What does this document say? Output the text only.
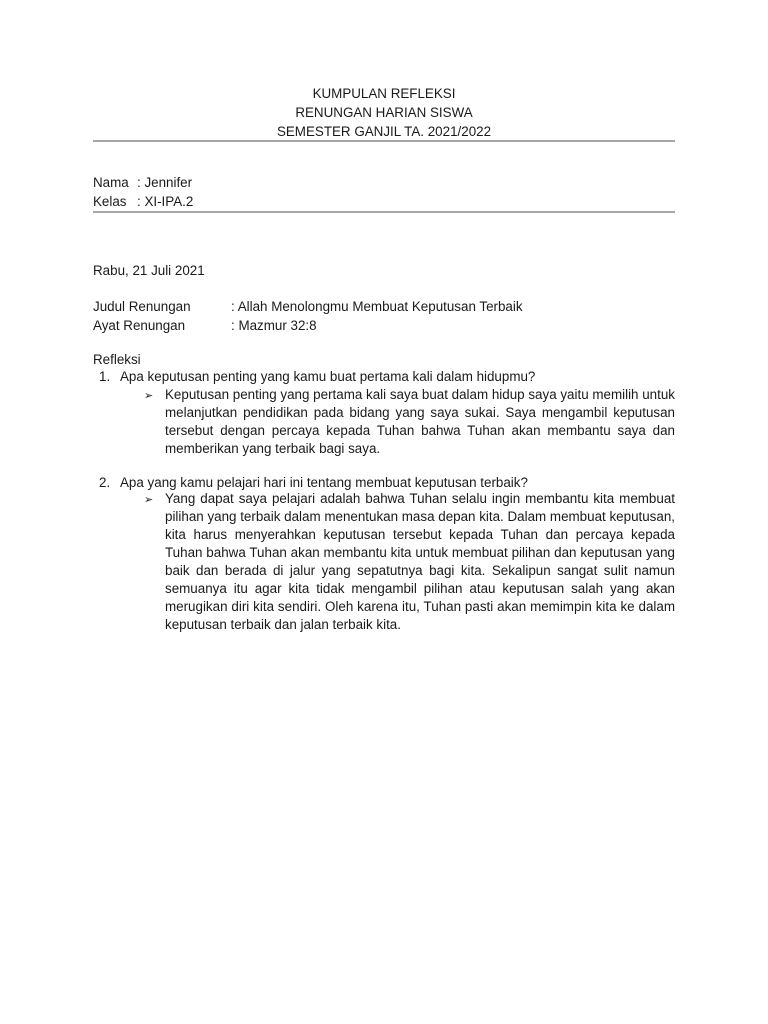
KUMPULAN REFLEKSI
RENUNGAN HARIAN SISWA
SEMESTER GANJIL TA. 2021/2022
Nama : Jennifer
Kelas : XI-IPA.2
Rabu, 21 Juli 2021
Judul Renungan	: Allah Menolongmu Membuat Keputusan Terbaik
Ayat Renungan	: Mazmur 32:8
Refleksi
1. Apa keputusan penting yang kamu buat pertama kali dalam hidupmu?
➢ Keputusan penting yang pertama kali saya buat dalam hidup saya yaitu memilih untuk melanjutkan pendidikan pada bidang yang saya sukai. Saya mengambil keputusan tersebut dengan percaya kepada Tuhan bahwa Tuhan akan membantu saya dan memberikan yang terbaik bagi saya.
2. Apa yang kamu pelajari hari ini tentang membuat keputusan terbaik?
➢ Yang dapat saya pelajari adalah bahwa Tuhan selalu ingin membantu kita membuat pilihan yang terbaik dalam menentukan masa depan kita. Dalam membuat keputusan, kita harus menyerahkan keputusan tersebut kepada Tuhan dan percaya kepada Tuhan bahwa Tuhan akan membantu kita untuk membuat pilihan dan keputusan yang baik dan berada di jalur yang sepatutnya bagi kita. Sekalipun sangat sulit namun semuanya itu agar kita tidak mengambil pilihan atau keputusan salah yang akan merugikan diri kita sendiri. Oleh karena itu, Tuhan pasti akan memimpin kita ke dalam keputusan terbaik dan jalan terbaik kita.
